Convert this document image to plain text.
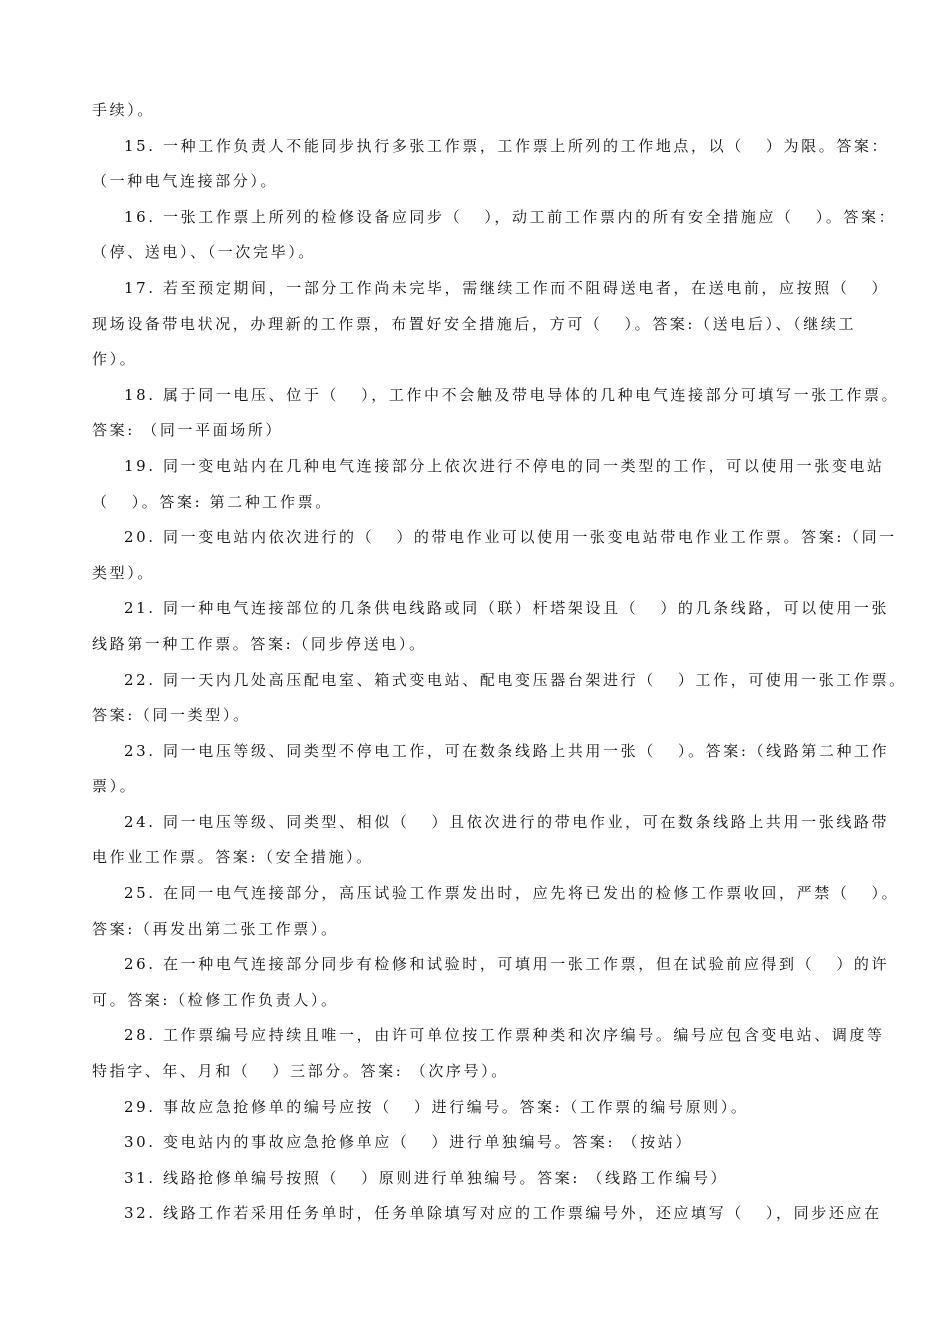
手续）。
15. 一种工作负责人不能同步执行多张工作票，工作票上所列的工作地点，以（   ）为限。答案：
（一种电气连接部分）。
16. 一张工作票上所列的检修设备应同步（   ），动工前工作票内的所有安全措施应（   ）。答案：
（停、送电）、（一次完毕）。
17. 若至预定期间，一部分工作尚未完毕，需继续工作而不阻碍送电者，在送电前，应按照（   ）
现场设备带电状况，办理新的工作票，布置好安全措施后，方可（   ）。答案:（送电后）、（继续工
作）。
18. 属于同一电压、位于（   ），工作中不会触及带电导体的几种电气连接部分可填写一张工作票。
答案: （同一平面场所）
19. 同一变电站内在几种电气连接部分上依次进行不停电的同一类型的工作，可以使用一张变电站
（   ）。答案: 第二种工作票。
20. 同一变电站内依次进行的（   ）的带电作业可以使用一张变电站带电作业工作票。答案:（同一
类型）。
21. 同一种电气连接部位的几条供电线路或同（联）杆塔架设且（   ）的几条线路，可以使用一张
线路第一种工作票。答案:（同步停送电）。
22. 同一天内几处高压配电室、箱式变电站、配电变压器台架进行（   ）工作，可使用一张工作票。
答案:（同一类型）。
23. 同一电压等级、同类型不停电工作，可在数条线路上共用一张（   ）。答案:（线路第二种工作
票）。
24. 同一电压等级、同类型、相似（   ）且依次进行的带电作业，可在数条线路上共用一张线路带
电作业工作票。答案:（安全措施）。
25. 在同一电气连接部分，高压试验工作票发出时，应先将已发出的检修工作票收回，严禁（   ）。
答案:（再发出第二张工作票）。
26. 在一种电气连接部分同步有检修和试验时，可填用一张工作票，但在试验前应得到（   ）的许
可。答案:（检修工作负责人）。
28. 工作票编号应持续且唯一，由许可单位按工作票种类和次序编号。编号应包含变电站、调度等
特指字、年、月和（   ）三部分。答案: （次序号）。
29. 事故应急抢修单的编号应按（   ）进行编号。答案:（工作票的编号原则）。
30. 变电站内的事故应急抢修单应（   ）进行单独编号。答案: （按站）
31. 线路抢修单编号按照（   ）原则进行单独编号。答案: （线路工作编号）
32. 线路工作若采用任务单时，任务单除填写对应的工作票编号外，还应填写（   ），同步还应在
